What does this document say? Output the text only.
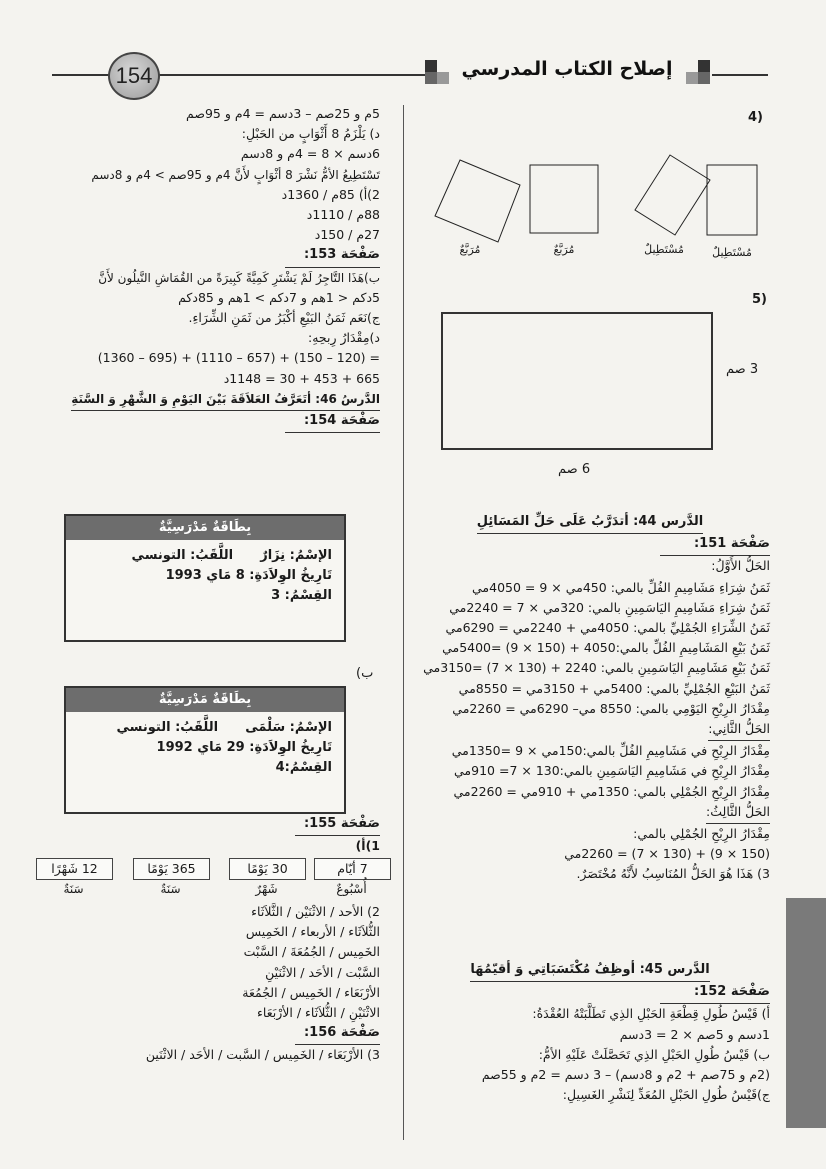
154	إصلاح الكتاب المدرسي
(4
مُسْتَطِيلٌ
مُسْتَطِيلٌ
مُرَبَّعٌ
مُرَبَّعٌ
(5
3 صم
6 صم
الدَّرس 44: أتدَرَّبُ عَلَى حَلِّ المَسَائِلِ
صَفْحَة 151:
الحَلُّ الأَوَّلُ:
ثَمَنُ شِرَاءِ مَشَامِيمِ الفُلِّ بالمي: 450مي × 9 = 4050مي
ثَمَنُ شِرَاءِ مَشَامِيمِ اليَاسَمِينِ بالمي: 320مي × 7 = 2240مي
ثَمَنُ الشِّرَاءِ الجُمْلِيِّ بالمي: 4050مي + 2240مي = 6290مي
ثَمَنُ بَيْعِ المَشَامِيمِ الفُلِّ بالمي:4050 + (150 × 9) =5400مي
ثَمَنُ بَيْعِ مَشَامِيمِ اليَاسَمِينِ بالمي: 2240 + (130 × 7) =3150مي
ثَمَنُ البَيْعِ الجُمْلِيِّ بالمي: 5400مي + 3150مي = 8550مي
مِقْدَارُ الرِبْحِ اليَوْمِي بالمي: 8550 مي– 6290مي = 2260مي
الحَلُّ الثَّانِي:
مِقْدَارُ الرِبْحِ في مَشَامِيمِ الفُلِّ بالمي:150مي × 9 =1350مي
مِقْدَارُ الرِبْحِ في مَشَامِيمِ اليَاسَمِينِ بالمي:130 × 7= 910مي
مِقْدَارُ الرِبْحِ الجُمْلِي بالمي: 1350مي + 910مي = 2260مي
الحَلُّ الثَّالِثُ:
مِقْدَارُ الرِبْحِ الجُمْلِي بالمي:
(150 × 9) + (130 × 7) = 2260مي
3) هَذَا هُوَ الحَلُّ المُنَاسِبُ لأَنَّهُ مُخْتَصَرٌ.
الدَّرس 45: أوظِفُ مُكْتَسَبَاتِي وَ أقيّمُهَا
صَفْحَة 152:
أ) قَيْسُ طُولِ قِطْعَةِ الحَبْلِ الذِي تَطَلَّبَتْهُ العُقْدَةُ:
1دسم و 5صم × 2 = 3دسم
ب) قَيْسُ طُولِ الحَبْلِ الذِي تَحَصَّلَتْ عَلَيْهِ الأمُّ:
(2م و 75صم + 2م و 8دسم) – 3 دسم = 2م و 55صم
ج)قَيْسُ طُولِ الحَبْلِ المُعَدِّ لِنَشْرِ الغَسِيلِ:
5م و 25صم – 3دسم = 4م و 95صم
د) يَلْزَمُ 8 أَثْوَابٍ من الحَبْلِ:
6دسم × 8 = 4م و 8دسم
تَسْتَطِيعُ الأمُّ نَشْرَ 8 أثْوَابٍ لأَنَّ 4م و 95صم > 4م و 8دسم
2)أ) 85م / 1360د
88م / 1110د
27م / 150د
صَفْحَة 153:
ب)هَذَا التَّاجِرُ لَمْ يَشْتَرِ كَمِيَّةً كَبِيرَةً من القُمَاشِ النَّيلُون لأَنَّ
5دكم < 1هم و 7دكم > 1هم و 85دكم
ج)نَعَم ثَمَنُ البَيْعِ أكْبَرُ من ثَمَنِ الشِّرَاءِ.
د)مِقْدَارُ رِبحِهِ:
(1360 – 695) + (1110 – 657) + (150 – 120) =
665 + 453 + 30 = 1148د
الدَّرسُ 46: أتَعَرَّفُ العَلاَقَةَ بَيْنَ اليَوْمِ وَ الشَّهْرِ وَ السَّنَةِ
صَفْحَة 154:
بِطَاقَةٌ مَدْرَسِيَّةٌ
الإسْمُ: نِزَارٌ      اللَّقَبُ: التونسي
تَارِيخُ الوِلاَدَةِ: 8 مَاي 1993
القِسْمُ: 3
ب)
بِطَاقَةٌ مَدْرَسِيَّةٌ
الإسْمُ: سَلْمَى      اللَّقَبُ: التونسي
تَارِيخُ الوِلاَدَةِ: 29 مَاي 1992
القِسْمُ:4
صَفْحَة 155:
1)أ)
7 أيّام
30 يَوْمًا
365 يَوْمًا
12 شَهْرًا
أُسْبُوعٌ
شَهْرٌ
سَنَةٌ
سَنَةٌ
2) الأحد / الاثْنَيْن / الثَّلاَثَاء
الثُّلاَثَاء / الأربعاء / الخَمِيس
الخَمِيس / الجُمُعَةَ / السَّبْت
السَّبْت / الأحَد / الاثْنَيْنِ
الأرْبَعَاء / الخَمِيس / الجُمُعَة
الاثْنَيْنِ / الثُّلاَثَاء / الأرْبَعَاء
صَفْحَة 156:
3) الأرْبَعَاء / الخَمِيس / السَّبت / الأحَد / الاثْنَين
